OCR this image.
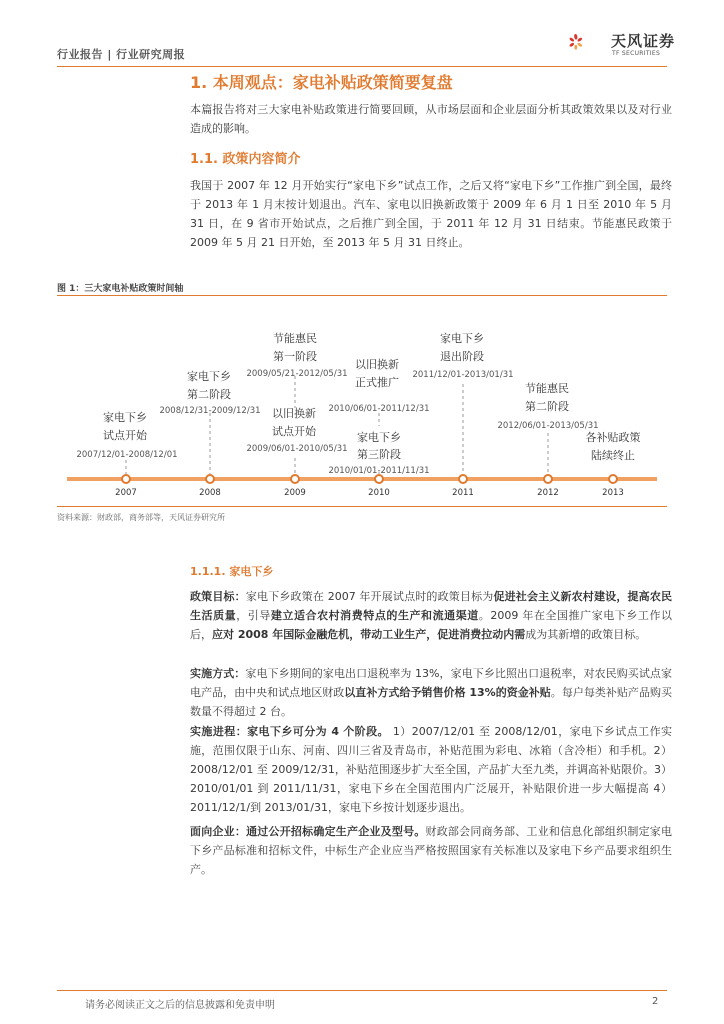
行业报告 | 行业研究周报
天风证券
TF SECURITIES
1. 本周观点：家电补贴政策简要复盘
本篇报告将对三大家电补贴政策进行简要回顾，从市场层面和企业层面分析其政策效果以及对行业造成的影响。
1.1. 政策内容简介
我国于 2007 年 12 月开始实行“家电下乡”试点工作，之后又将“家电下乡”工作推广到全国，最终于 2013 年 1 月末按计划退出。汽车、家电以旧换新政策于 2009 年 6 月 1 日至 2010 年 5 月 31 日，在 9 省市开始试点，之后推广到全国，于 2011 年 12 月 31 日结束。节能惠民政策于 2009 年 5 月 21 日开始，至 2013 年 5 月 31 日终止。
图 1：三大家电补贴政策时间轴
2007	2008	2009	2010	2011	2012	2013
家电下乡
试点开始
2007/12/01-2008/12/01
家电下乡
第二阶段
2008/12/31-2009/12/31 以旧换新
试点开始
2009/06/01-2010/05/31
节能惠民
第一阶段
2009/05/21-2012/05/31
以旧换新
正式推广
2010/06/01-2011/12/31
家电下乡
第三阶段
2010/01/01-2011/11/31
家电下乡
退出阶段
2011/12/01-2013/01/31
节能惠民
第二阶段
2012/06/01-2013/05/31
各补贴政策
陆续终止
资料来源：财政部，商务部等，天风证券研究所
1.1.1. 家电下乡
政策目标：家电下乡政策在 2007 年开展试点时的政策目标为促进社会主义新农村建设，提高农民生活质量，引导建立适合农村消费特点的生产和流通渠道。2009 年在全国推广家电下乡工作以后，应对 2008 年国际金融危机，带动工业生产，促进消费拉动内需成为其新增的政策目标。
实施方式：家电下乡期间的家电出口退税率为 13%，家电下乡比照出口退税率，对农民购买试点家电产品，由中央和试点地区财政以直补方式给予销售价格 13%的资金补贴。每户每类补贴产品购买数量不得超过 2 台。
实施进程：家电下乡可分为 4 个阶段。 1）2007/12/01 至 2008/12/01，家电下乡试点工作实施，范围仅限于山东、河南、四川三省及青岛市，补贴范围为彩电、冰箱（含冷柜）和手机。2）2008/12/01 至 2009/12/31，补贴范围逐步扩大至全国，产品扩大至九类，并调高补贴限价。3）2010/01/01 到 2011/11/31，家电下乡在全国范围内广泛展开，补贴限价进一步大幅提高 4）2011/12/1/到 2013/01/31，家电下乡按计划逐步退出。
面向企业：通过公开招标确定生产企业及型号。财政部会同商务部、工业和信息化部组织制定家电下乡产品标准和招标文件，中标生产企业应当严格按照国家有关标准以及家电下乡产品要求组织生产。
请务必阅读正文之后的信息披露和免责申明	2
